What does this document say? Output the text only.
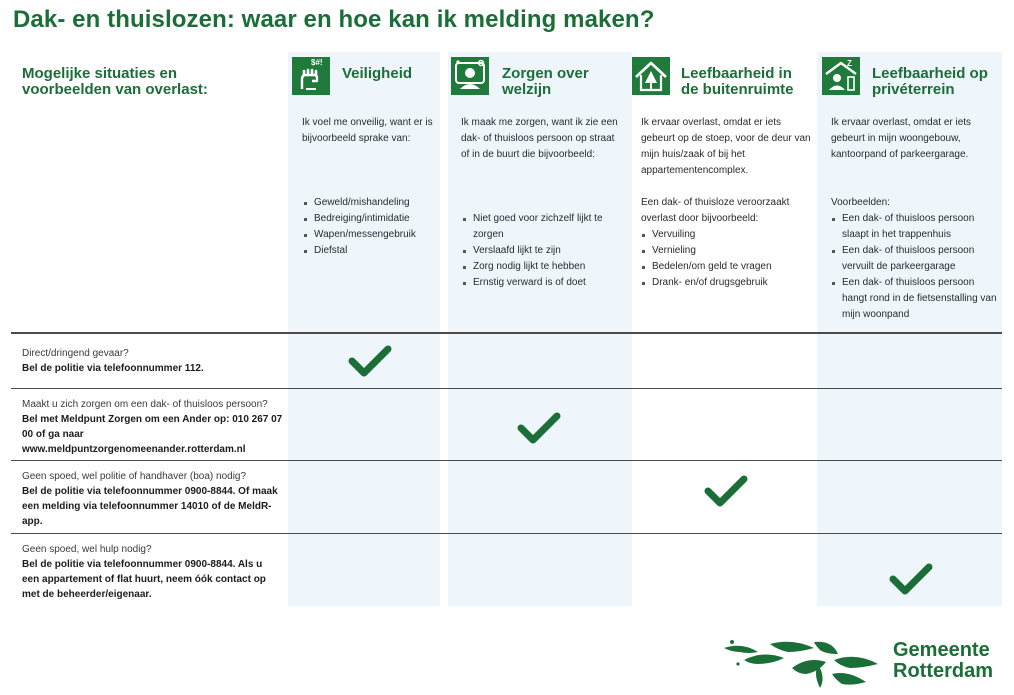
Dak- en thuislozen: waar en hoe kan ik melding maken?
Mogelijke situaties en voorbeelden van overlast:
$#!
Veiligheid
Ik voel me onveilig, want er is bijvoorbeeld sprake van:
Geweld/mishandeling
Bedreiging/intimidatie
Wapen/messengebruik
Diefstal
Zorgen over welzijn
Ik maak me zorgen, want ik zie een dak- of thuisloos persoon op straat of in de buurt die bijvoorbeeld:
Niet goed voor zichzelf lijkt te zorgen
Verslaafd lijkt te zijn
Zorg nodig lijkt te hebben
Ernstig verward is of doet
Leefbaarheid in de buitenruimte
Ik ervaar overlast, omdat er iets gebeurt op de stoep, voor de deur van mijn huis/zaak of bij het appartementencomplex.
Een dak- of thuisloze veroorzaakt overlast door bijvoorbeeld:
Vervuiling
Vernieling
Bedelen/om geld te vragen
Drank- en/of drugsgebruik
Z
Leefbaarheid op privéterrein
Ik ervaar overlast, omdat er iets gebeurt in mijn woongebouw, kantoorpand of parkeergarage.
Voorbeelden:
Een dak- of thuisloos persoon slaapt in het trappenhuis
Een dak- of thuisloos persoon vervuilt de parkeergarage
Een dak- of thuisloos persoon hangt rond in de fietsenstalling van mijn woonpand
Direct/dringend gevaar?
Bel de politie via telefoonnummer 112.
Maakt u zich zorgen om een dak- of thuisloos persoon?
Bel met Meldpunt Zorgen om een Ander op: 010 267 07 00 of ga naar www.meldpuntzorgenomeenander.rotterdam.nl
Geen spoed, wel politie of handhaver (boa) nodig?
Bel de politie via telefoonnummer 0900-8844. Of maak een melding via telefoonnummer 14010 of de MeldR-app.
Geen spoed, wel hulp nodig?
Bel de politie via telefoonnummer 0900-8844. Als u een appartement of flat huurt, neem óók contact op met de beheerder/eigenaar.
Gemeente
Rotterdam
